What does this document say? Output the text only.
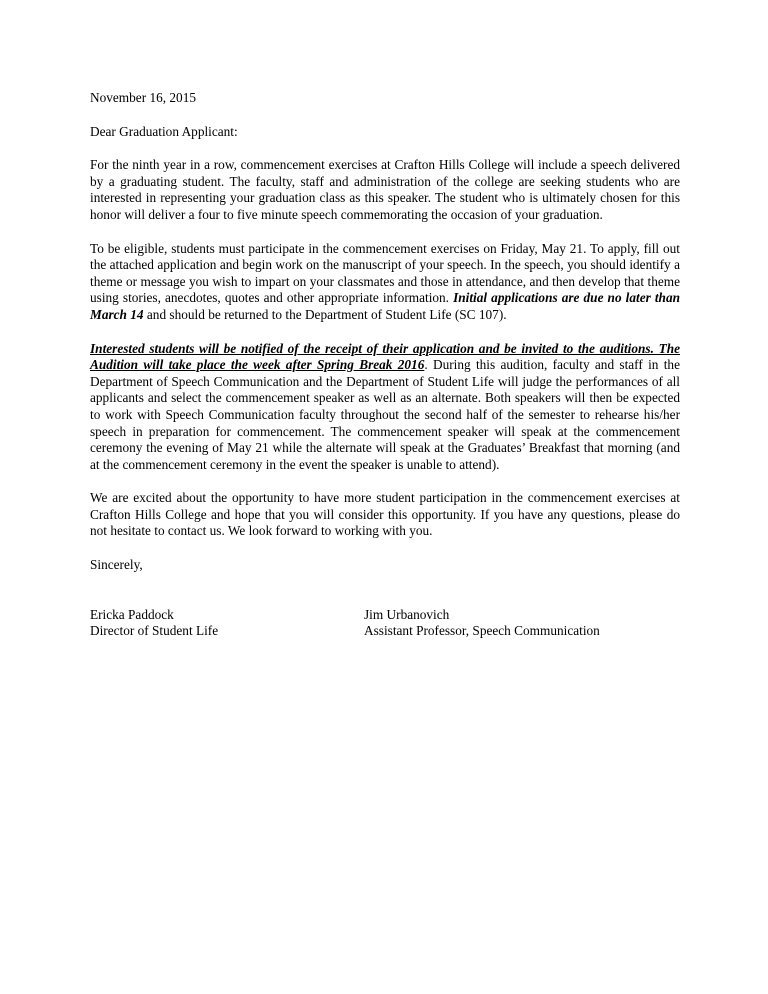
November 16, 2015
Dear Graduation Applicant:
For the ninth year in a row, commencement exercises at Crafton Hills College will include a speech delivered by a graduating student. The faculty, staff and administration of the college are seeking students who are interested in representing your graduation class as this speaker. The student who is ultimately chosen for this honor will deliver a four to five minute speech commemorating the occasion of your graduation.
To be eligible, students must participate in the commencement exercises on Friday, May 21. To apply, fill out the attached application and begin work on the manuscript of your speech. In the speech, you should identify a theme or message you wish to impart on your classmates and those in attendance, and then develop that theme using stories, anecdotes, quotes and other appropriate information. Initial applications are due no later than March 14 and should be returned to the Department of Student Life (SC 107).
Interested students will be notified of the receipt of their application and be invited to the auditions. The Audition will take place the week after Spring Break 2016. During this audition, faculty and staff in the Department of Speech Communication and the Department of Student Life will judge the performances of all applicants and select the commencement speaker as well as an alternate. Both speakers will then be expected to work with Speech Communication faculty throughout the second half of the semester to rehearse his/her speech in preparation for commencement. The commencement speaker will speak at the commencement ceremony the evening of May 21 while the alternate will speak at the Graduates’ Breakfast that morning (and at the commencement ceremony in the event the speaker is unable to attend).
We are excited about the opportunity to have more student participation in the commencement exercises at Crafton Hills College and hope that you will consider this opportunity. If you have any questions, please do not hesitate to contact us. We look forward to working with you.
Sincerely,
Ericka Paddock
Director of Student Life
Jim Urbanovich
Assistant Professor, Speech Communication
